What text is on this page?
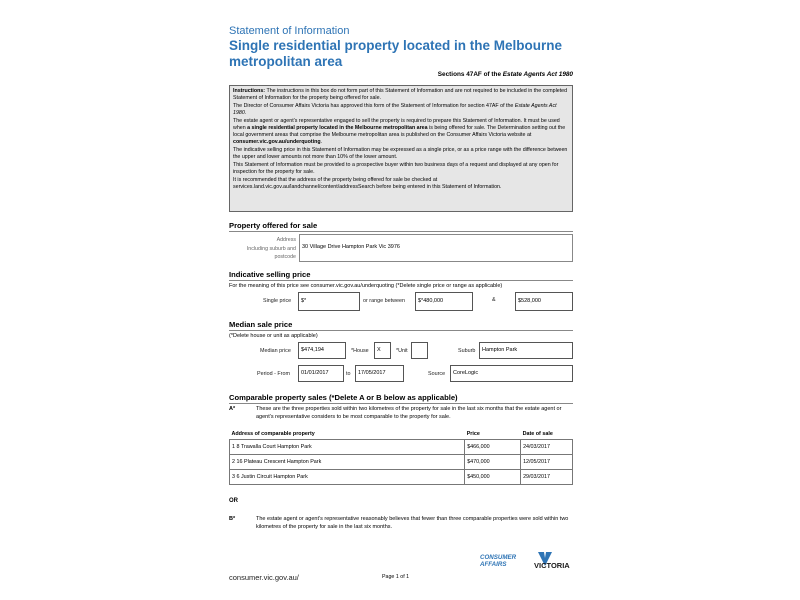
Statement of Information
Single residential property located in the Melbourne metropolitan area
Sections 47AF of the Estate Agents Act 1980

Instructions: The instructions in this box do not form part of this Statement of Information and are not required to be included in the completed Statement of Information for the property being offered for sale.

The Director of Consumer Affairs Victoria has approved this form of the Statement of Information for section 47AF of the Estate Agents Act 1980.

The estate agent or agent’s representative engaged to sell the property is required to prepare this Statement of Information. It must be used when a single residential property located in the Melbourne metropolitan area is being offered for sale. The Determination setting out the local government areas that comprise the Melbourne metropolitan area is published on the Consumer Affairs Victoria website at consumer.vic.gov.au/underquoting.

The indicative selling price in this Statement of Information may be expressed as a single price, or as a price range with the difference between the upper and lower amounts not more than 10% of the lower amount.

This Statement of Information must be provided to a prospective buyer within two business days of a request and displayed at any open for inspection for the property for sale.

It is recommended that the address of the property being offered for sale be checked at services.land.vic.gov.au/landchannel/content/addressSearch before being entered in this Statement of Information.

Property offered for sale
Address
Including suburb and
postcode
30 Village Drive Hampton Park Vic 3976
Indicative selling price
For the meaning of this price see consumer.vic.gov.au/underquoting (*Delete single price or range as applicable)
Single price	$*	or range between	$*480,000	&	$528,000
Median sale price
(*Delete house or unit as applicable)
Median price	$474,194	*House	X	*Unit	Suburb	Hampton Park
Period - From	01/01/2017	to	17/05/2017	Source	CoreLogic
Comparable property sales (*Delete A or B below as applicable)
A*	These are the three properties sold within two kilometres of the property for sale in the last six months that the estate agent or agent’s representative considers to be most comparable to the property for sale.
Address of comparable property	Price	Date of sale
1 8 Trawalla Court Hampton Park	$466,000	24/03/2017
2 16 Plateau Crescent Hampton Park	$470,000	12/05/2017
3 6 Justin Circuit Hampton Park	$450,000	29/03/2017
OR
B*	The estate agent or agent’s representative reasonably believes that fewer than three comparable properties were sold within two kilometres of the property for sale in the last six months.
CONSUMER
AFFAIRS	VICTORIA
consumer.vic.gov.au/	Page 1 of 1
